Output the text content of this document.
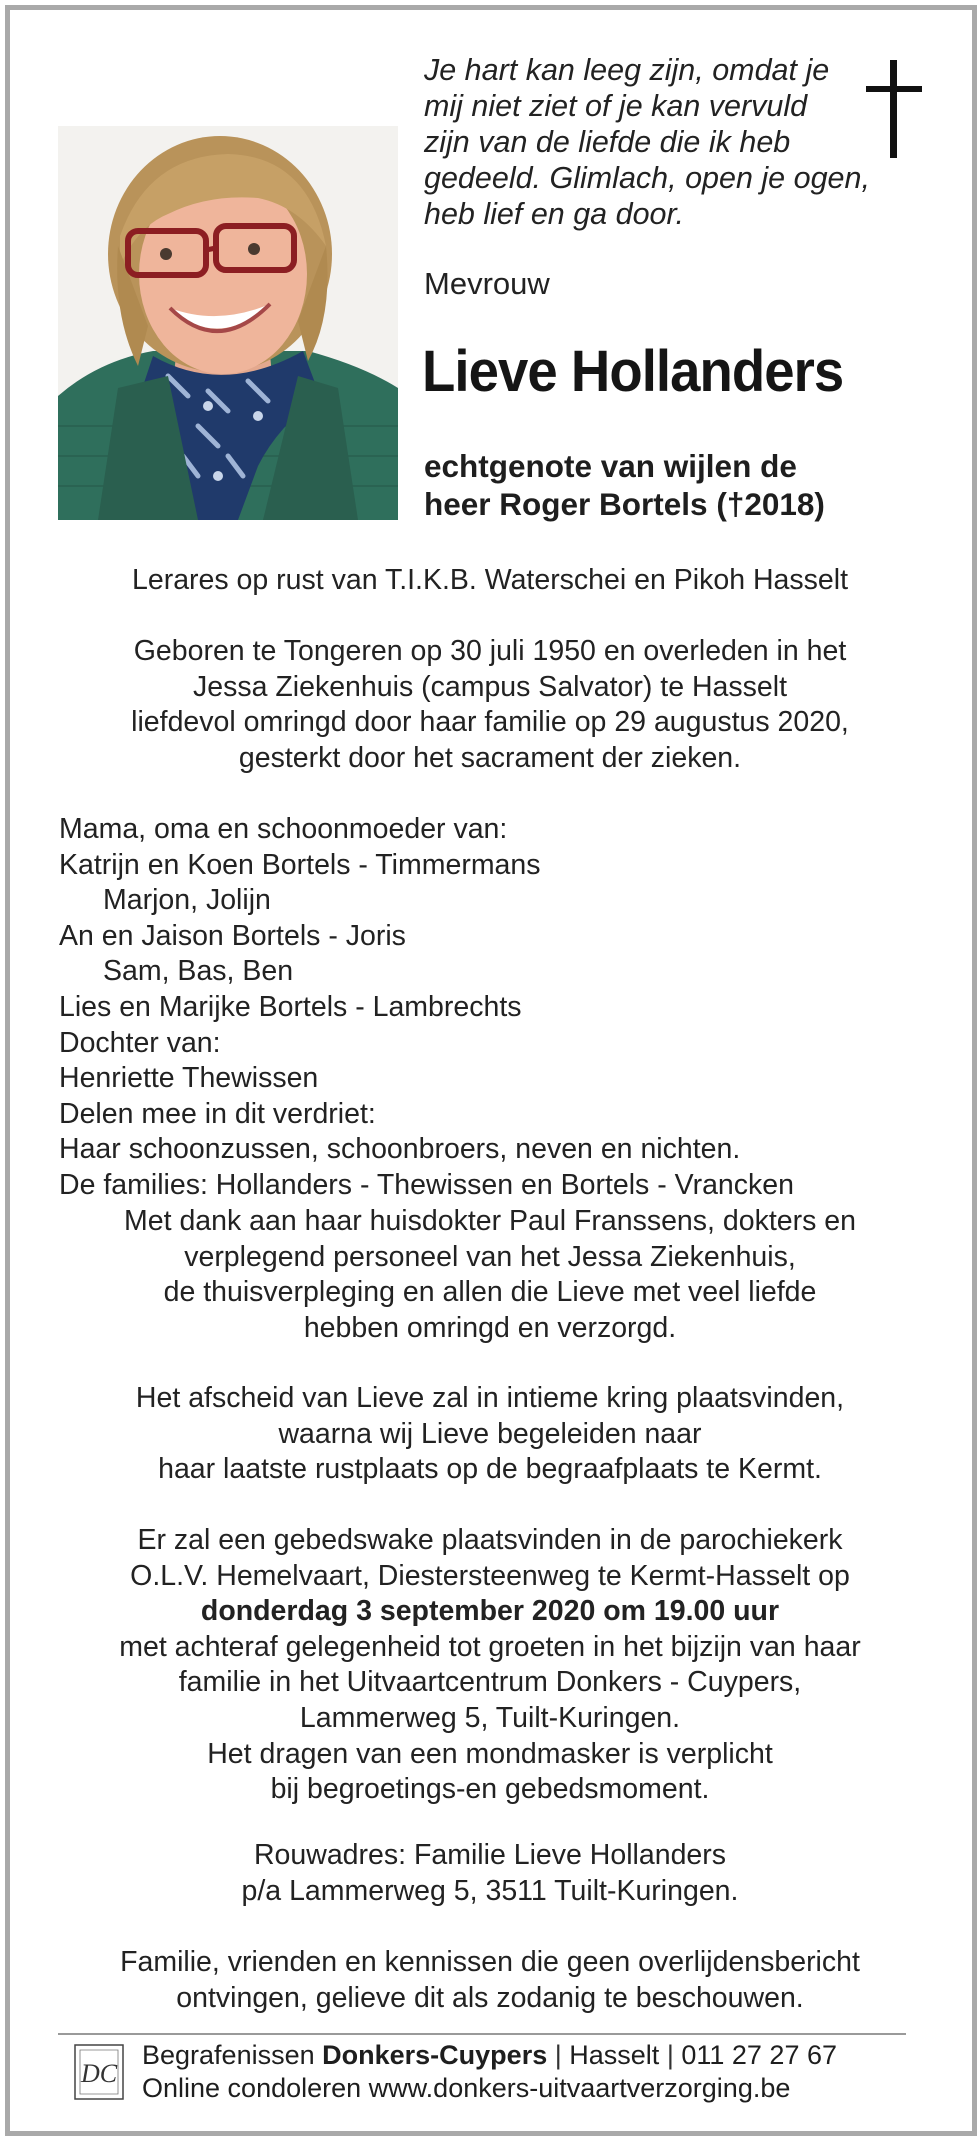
Je hart kan leeg zijn, omdat je
mij niet ziet of je kan vervuld
zijn van de liefde die ik heb
gedeeld. Glimlach, open je ogen,
heb lief en ga door.
Mevrouw
Lieve Hollanders
echtgenote van wijlen de
heer Roger Bortels (†2018)
Lerares op rust van T.I.K.B. Waterschei en Pikoh Hasselt
Geboren te Tongeren op 30 juli 1950 en overleden in het
Jessa Ziekenhuis (campus Salvator) te Hasselt
liefdevol omringd door haar familie op 29 augustus 2020,
gesterkt door het sacrament der zieken.
Mama, oma en schoonmoeder van:
Katrijn en Koen Bortels - Timmermans
Marjon, Jolijn
An en Jaison Bortels - Joris
Sam, Bas, Ben
Lies en Marijke Bortels - Lambrechts
Dochter van:
Henriette Thewissen
Delen mee in dit verdriet:
Haar schoonzussen, schoonbroers, neven en nichten.
De families: Hollanders - Thewissen en Bortels - Vrancken
Met dank aan haar huisdokter Paul Franssens, dokters en
verplegend personeel van het Jessa Ziekenhuis,
de thuisverpleging en allen die Lieve met veel liefde
hebben omringd en verzorgd.
Het afscheid van Lieve zal in intieme kring plaatsvinden,
waarna wij Lieve begeleiden naar
haar laatste rustplaats op de begraafplaats te Kermt.
Er zal een gebedswake plaatsvinden in de parochiekerk
O.L.V. Hemelvaart, Diestersteenweg te Kermt-Hasselt op
donderdag 3 september 2020 om 19.00 uur
met achteraf gelegenheid tot groeten in het bijzijn van haar
familie in het Uitvaartcentrum Donkers - Cuypers,
Lammerweg 5, Tuilt-Kuringen.
Het dragen van een mondmasker is verplicht
bij begroetings-en gebedsmoment.
Rouwadres: Familie Lieve Hollanders
p/a Lammerweg 5, 3511 Tuilt-Kuringen.
Familie, vrienden en kennissen die geen overlijdensbericht
ontvingen, gelieve dit als zodanig te beschouwen.
DC
Begrafenissen Donkers-Cuypers | Hasselt | 011 27 27 67
Online condoleren www.donkers-uitvaartverzorging.be
